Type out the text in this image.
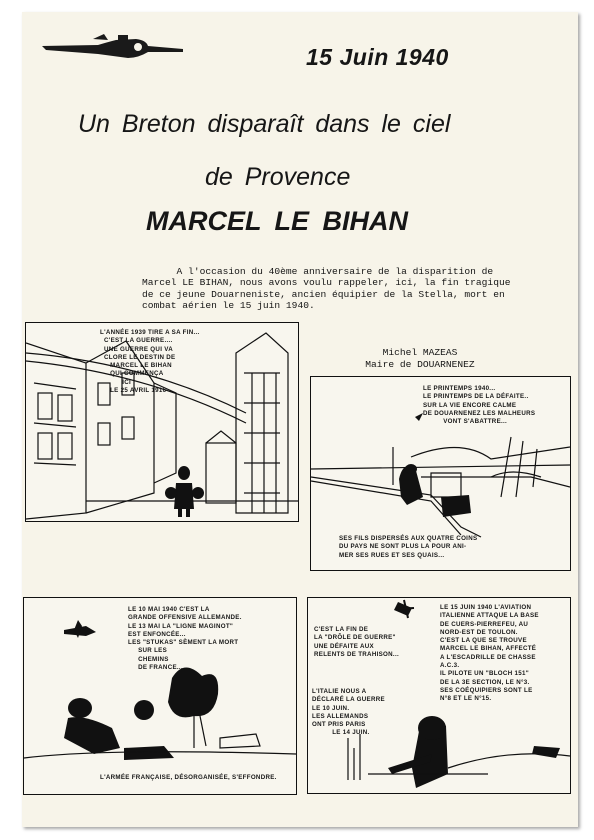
15 Juin 1940
Un Breton disparaît dans le ciel
de Provence
MARCEL LE BIHAN
A l'occasion du 40ème anniversaire de la disparition de
Marcel LE BIHAN, nous avons voulu rappeler, ici, la fin tragique
de ce jeune Douarneniste, ancien équipier de la Stella, mort en
combat aérien le 15 juin 1940.
Michel MAZEAS
Maire de DOUARNENEZ
L'ANNÉE 1939 TIRE A SA FIN...
C'EST LA GUERRE....
UNE GUERRE QUI VA
CLORE LE DESTIN DE
MARCEL LE BIHAN
QUI COMMENÇA
ICI
LE 25 AVRIL 1916	LE PRINTEMPS 1940...
LE PRINTEMPS DE LA DÉFAITE..
SUR LA VIE ENCORE CALME
DE DOUARNENEZ LES MALHEURS
VONT S'ABATTRE...
SES FILS DISPERSÉS AUX QUATRE COINS
DU PAYS NE SONT PLUS LA POUR ANI-
MER SES RUES ET SES QUAIS...
LE 10 MAI 1940 C'EST LA
GRANDE OFFENSIVE ALLEMANDE.
LE 13 MAI LA "LIGNE MAGINOT"
EST ENFONCÉE...
LES "STUKAS" SÈMENT LA MORT
SUR LES
CHEMINS
DE FRANCE...
L'ARMÉE FRANÇAISE, DÉSORGANISÉE, S'EFFONDRE.
C'EST LA FIN DE
LA "DRÔLE DE GUERRE"
UNE DÉFAITE AUX
RELENTS DE TRAHISON...
L'ITALIE NOUS A
DÉCLARÉ LA GUERRE
LE 10 JUIN.
LES ALLEMANDS
ONT PRIS PARIS
LE 14 JUIN.
LE 15 JUIN 1940 L'AVIATION
ITALIENNE ATTAQUE LA BASE
DE CUERS-PIERREFEU, AU
NORD-EST DE TOULON.
C'EST LA QUE SE TROUVE
MARCEL LE BIHAN, AFFECTÉ
A L'ESCADRILLE DE CHASSE
A.C.3.
IL PILOTE UN "BLOCH 151"
DE LA 3E SECTION, LE N°3.
SES COÉQUIPIERS SONT LE
N°8 ET LE N°15.
